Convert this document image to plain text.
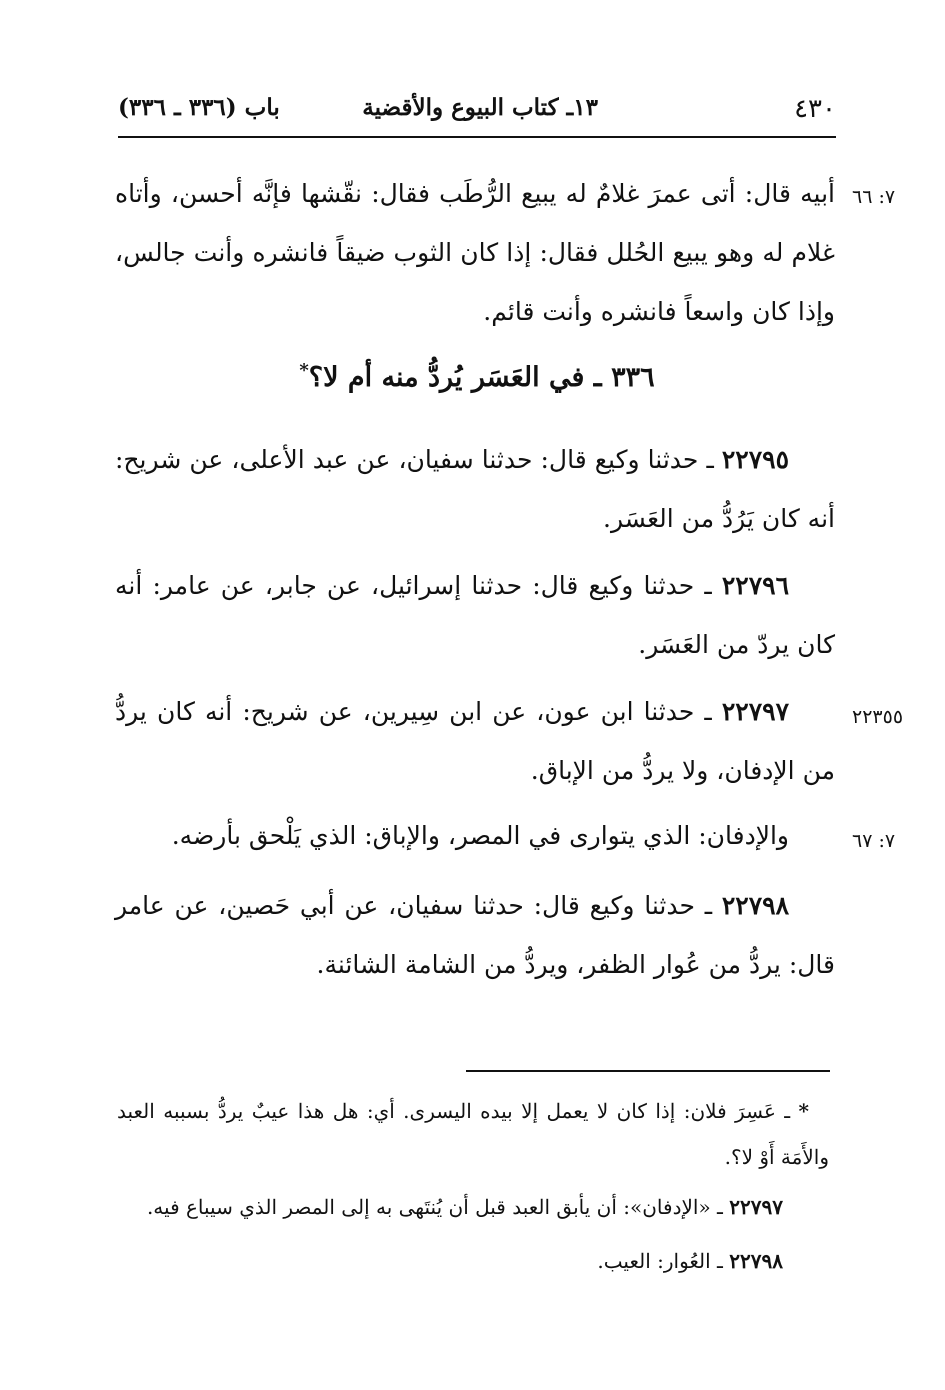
٤٣٠
١٣ـ كتاب البيوع والأقضية
باب (٣٣٦ ـ ٣٣٦)
٧: ٦٦
٢٢٣٥٥
٧: ٦٧
أبيه قال: أتى عمرَ غلامٌ له يبيع الرُّطَب فقال: نقّشها فإنَّه أحسن، وأتاه غلام له وهو يبيع الحُلل فقال: إذا كان الثوب ضيقاً فانشره وأنت جالس، وإذا كان واسعاً فانشره وأنت قائم.
٣٣٦ ـ في العَسَر يُردُّ منه أم لا؟*
٢٢٧٩٥ ـ حدثنا وكيع قال: حدثنا سفيان، عن عبد الأعلى، عن شريح: أنه كان يَرُدُّ من العَسَر.
٢٢٧٩٦ ـ حدثنا وكيع قال: حدثنا إسرائيل، عن جابر، عن عامر: أنه كان يردّ من العَسَر.
٢٢٧٩٧ ـ حدثنا ابن عون، عن ابن سِيرين، عن شريح: أنه كان يردُّ من الإدفان، ولا يردُّ من الإباق.
والإدفان: الذي يتوارى في المصر، والإباق: الذي يَلْحق بأرضه.
٢٢٧٩٨ ـ حدثنا وكيع قال: حدثنا سفيان، عن أبي حَصين، عن عامر قال: يردُّ من عُوار الظفر، ويردُّ من الشامة الشائنة.
* ـ عَسِرَ فلان: إذا كان لا يعمل إلا بيده اليسرى. أي: هل هذا عيبٌ يردُّ بسببه العبد والأَمَة أَوْ لا؟.
٢٢٧٩٧ ـ «الإدفان»: أن يأبق العبد قبل أن يُنتَهى به إلى المصر الذي سيباع فيه.
٢٢٧٩٨ ـ العُوار: العيب.
